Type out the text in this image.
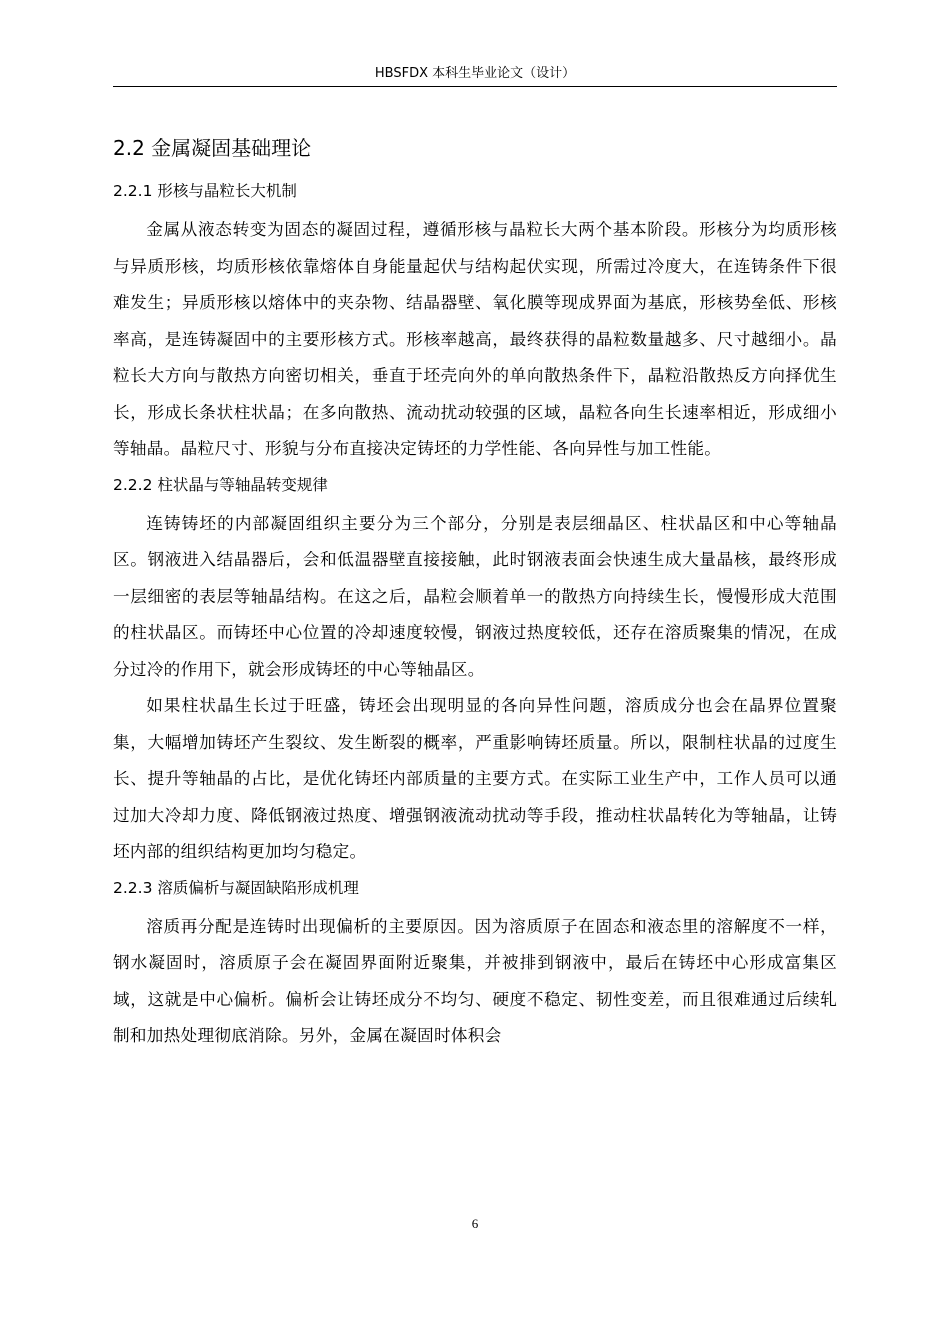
HBSFDX 本科生毕业论文（设计）
2.2 金属凝固基础理论
2.2.1 形核与晶粒长大机制

金属从液态转变为固态的凝固过程，遵循形核与晶粒长大两个基本阶段。形核分为均质形核与异质形核，均质形核依靠熔体自身能量起伏与结构起伏实现，所需过冷度大，在连铸条件下很难发生；异质形核以熔体中的夹杂物、结晶器壁、氧化膜等现成界面为基底，形核势垒低、形核率高，是连铸凝固中的主要形核方式。形核率越高，最终获得的晶粒数量越多、尺寸越细小。晶粒长大方向与散热方向密切相关，垂直于坯壳向外的单向散热条件下，晶粒沿散热反方向择优生长，形成长条状柱状晶；在多向散热、流动扰动较强的区域，晶粒各向生长速率相近，形成细小等轴晶。晶粒尺寸、形貌与分布直接决定铸坯的力学性能、各向异性与加工性能。

2.2.2 柱状晶与等轴晶转变规律

连铸铸坯的内部凝固组织主要分为三个部分，分别是表层细晶区、柱状晶区和中心等轴晶区。钢液进入结晶器后，会和低温器壁直接接触，此时钢液表面会快速生成大量晶核，最终形成一层细密的表层等轴晶结构。在这之后，晶粒会顺着单一的散热方向持续生长，慢慢形成大范围的柱状晶区。而铸坯中心位置的冷却速度较慢，钢液过热度较低，还存在溶质聚集的情况，在成分过冷的作用下，就会形成铸坯的中心等轴晶区。

如果柱状晶生长过于旺盛，铸坯会出现明显的各向异性问题，溶质成分也会在晶界位置聚集，大幅增加铸坯产生裂纹、发生断裂的概率，严重影响铸坯质量。所以，限制柱状晶的过度生长、提升等轴晶的占比，是优化铸坯内部质量的主要方式。在实际工业生产中，工作人员可以通过加大冷却力度、降低钢液过热度、增强钢液流动扰动等手段，推动柱状晶转化为等轴晶，让铸坯内部的组织结构更加均匀稳定。

2.2.3 溶质偏析与凝固缺陷形成机理

溶质再分配是连铸时出现偏析的主要原因。因为溶质原子在固态和液态里的溶解度不一样，钢水凝固时，溶质原子会在凝固界面附近聚集，并被排到钢液中，最后在铸坯中心形成富集区域，这就是中心偏析。偏析会让铸坯成分不均匀、硬度不稳定、韧性变差，而且很难通过后续轧制和加热处理彻底消除。另外，金属在凝固时体积会

6
